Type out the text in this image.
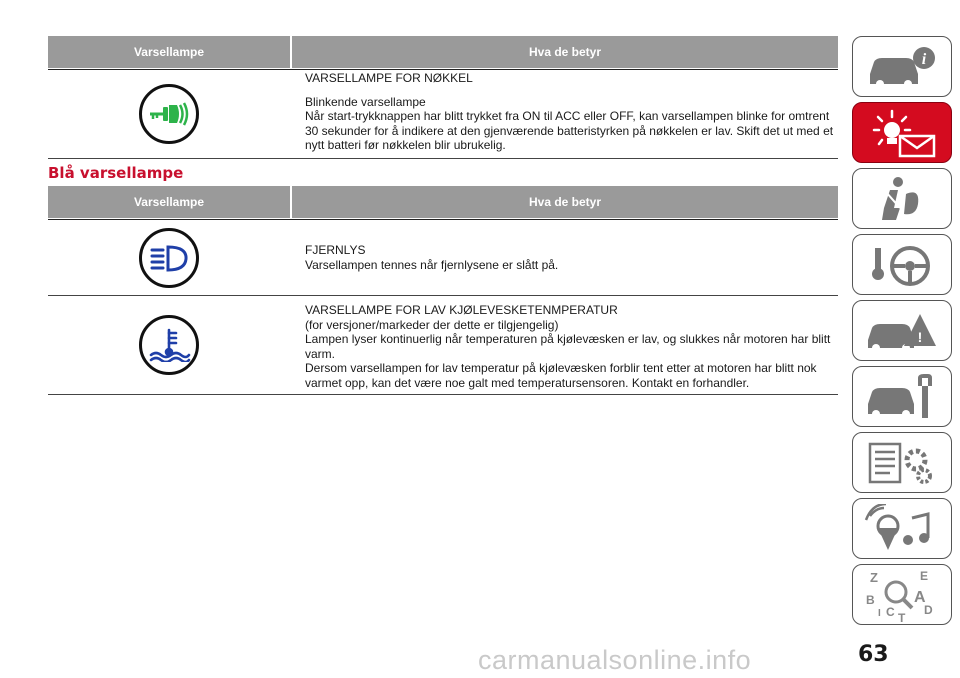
Varsellampe	Hva de betyr
VARSELLAMPE FOR NØKKEL
Blinkende varsellampe
Når start-trykknappen har blitt trykket fra ON til ACC eller OFF, kan varsellampen blinke for omtrent 30 sekunder for å indikere at den gjenværende batteristyrken på nøkkelen er lav. Skift det ut med et nytt batteri før nøkkelen blir ubrukelig.
Blå varsellampe
Varsellampe	Hva de betyr
FJERNLYS
Varsellampen tennes når fjernlysene er slått på.
VARSELLAMPE FOR LAV KJØLEVESKETENMPERATUR
(for versjoner/markeder der dette er tilgjengelig)
Lampen lyser kontinuerlig når temperaturen på kjølevæsken er lav, og slukkes når motoren har blitt varm.
Dersom varsellampen for lav temperatur på kjølevæsken forblir tent etter at motoren har blitt nok varmet opp, kan det være noe galt med temperatursensoren. Kontakt en forhandler.
i
!
Z	E
B A
C D
I T
63
carmanualsonline.info
